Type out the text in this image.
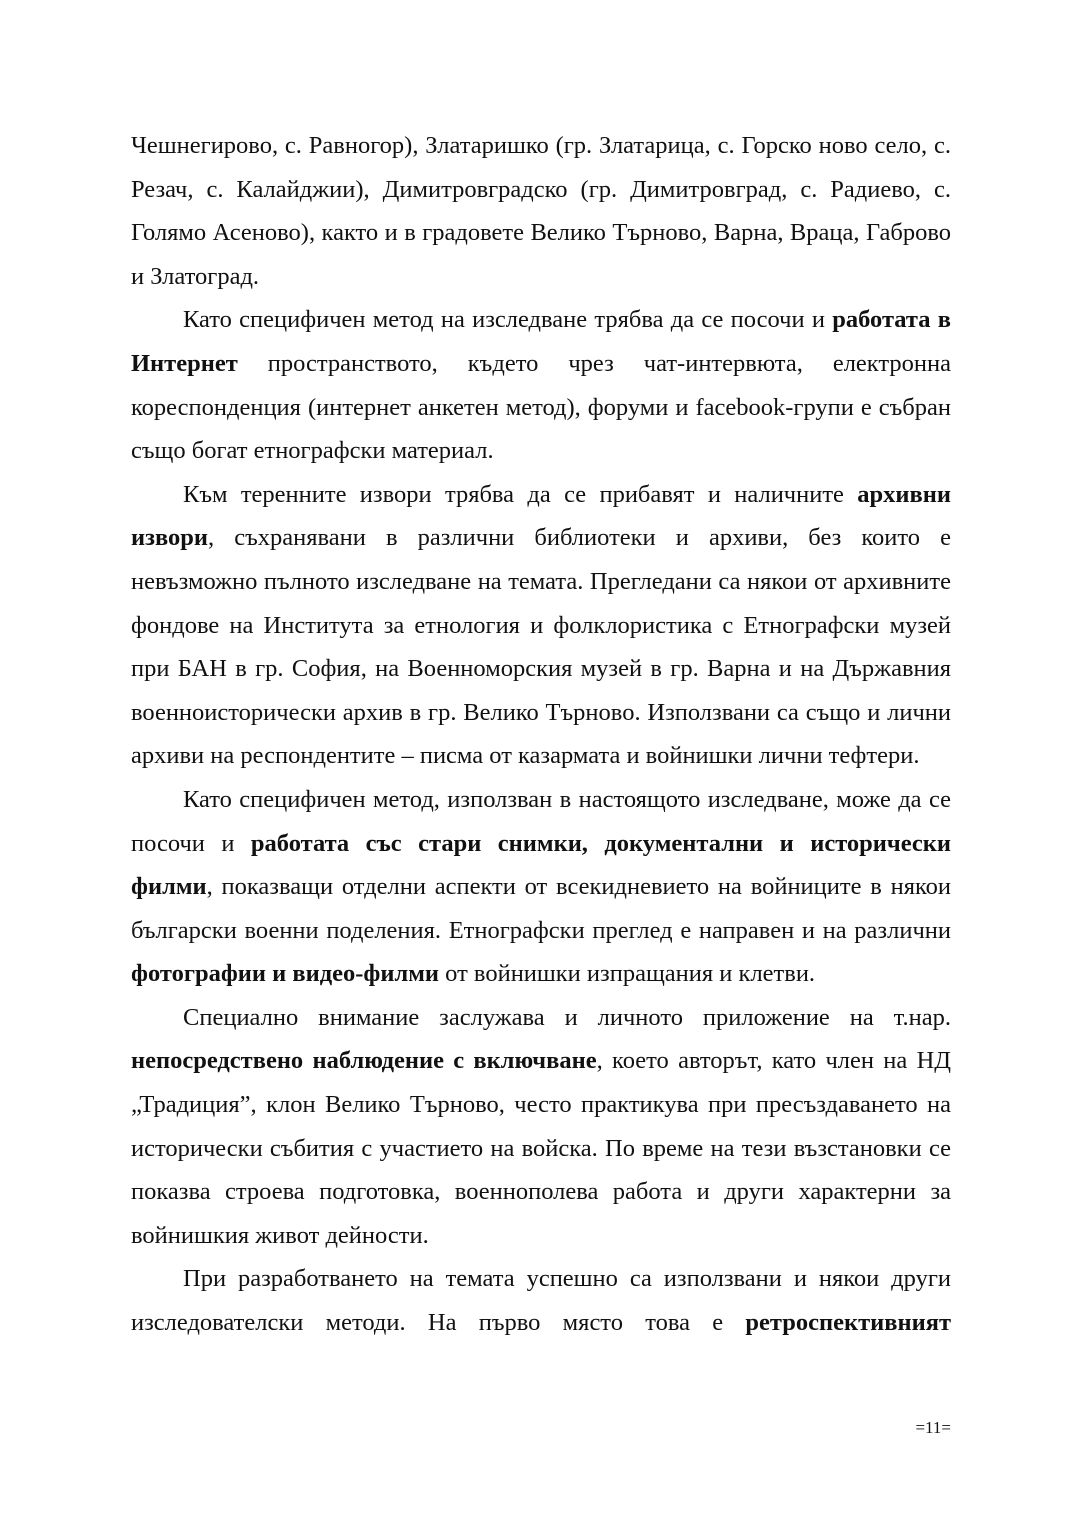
Чешнегирово, с. Равногор), Златаришко (гр. Златарица, с. Горско ново село, с. Резач, с. Калайджии), Димитровградско (гр. Димитровград, с. Радиево, с. Голямо Асеново), както и в градовете Велико Търново, Варна, Враца, Габрово и Златоград.

Като специфичен метод на изследване трябва да се посочи и работата в Интернет пространството, където чрез чат-интервюта, електронна кореспонденция (интернет анкетен метод), форуми и facebook-групи е събран също богат етнографски материал.

Към теренните извори трябва да се прибавят и наличните архивни извори, съхранявани в различни библиотеки и архиви, без които е невъзможно пълното изследване на темата. Прегледани са някои от архивните фондове на Института за етнология и фолклористика с Етнографски музей при БАН в гр. София, на Военноморския музей в гр. Варна и на Държавния военноисторически архив в гр. Велико Търново. Използвани са също и лични архиви на респондентите – писма от казармата и войнишки лични тефтери.

Като специфичен метод, използван в настоящото изследване, може да се посочи и работата със стари снимки, документални и исторически филми, показващи отделни аспекти от всекидневието на войниците в някои български военни поделения. Етнографски преглед е направен и на различни фотографии и видео-филми от войнишки изпращания и клетви.

Специално внимание заслужава и личното приложение на т.нар. непосредствено наблюдение с включване, което авторът, като член на НД „Традиция”, клон Велико Търново, често практикува при пресъздаването на исторически събития с участието на войска. По време на тези възстановки се показва строева подготовка, военнополева работа и други характерни за войнишкия живот дейности.

При разработването на темата успешно са използвани и някои други изследователски методи. На първо място това е ретроспективният

=11=
